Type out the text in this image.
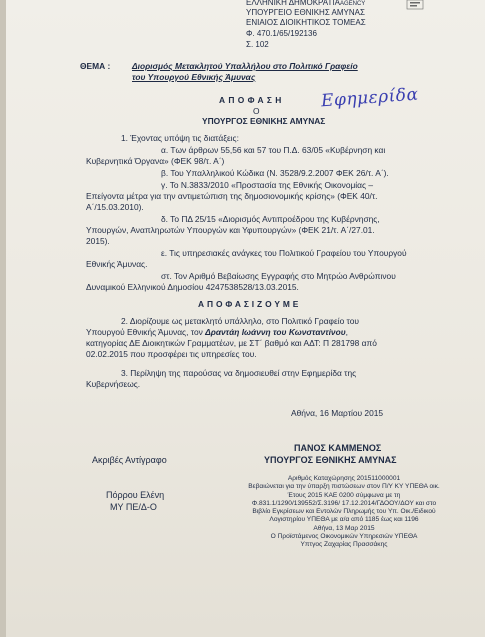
ΕΛΛΗΝΙΚΗ ΔΗΜΟΚΡΑΤΙΑAGENCY
ΥΠΟΥΡΓΕΙΟ ΕΘΝΙΚΗΣ ΑΜΥΝΑΣ
ΕΝΙΑΙΟΣ ΔΙΟΙΚΗΤΙΚΟΣ ΤΟΜΕΑΣ
Φ. 470.1/65/192136
Σ. 102
ΘΕΜΑ :	Διορισμός Μετακλητού Υπαλλήλου στο Πολιτικό Γραφείο
του Υπουργού Εθνικής Άμυνας
Α Π Ο Φ Α Σ Η
Ο
ΥΠΟΥΡΓΟΣ ΕΘΝΙΚΗΣ ΑΜΥΝΑΣ
Εφημερίδα
1. Έχοντας υπόψη τις διατάξεις:
α. Των άρθρων 55,56 και 57 του Π.Δ. 63/05 «Κυβέρνηση και
Κυβερνητικά Όργανα» (ΦΕΚ 98/τ. Α΄)
β. Του Υπαλληλικού Κώδικα (Ν. 3528/9.2.2007 ΦΕΚ 26/τ. Α΄).
γ. Το Ν.3833/2010 «Προστασία της Εθνικής Οικονομίας –
Επείγοντα μέτρα για την αντιμετώπιση της δημοσιονομικής κρίσης» (ΦΕΚ 40/τ.
Α΄/15.03.2010).
δ. Το ΠΔ 25/15 «Διορισμός Αντιπροέδρου της Κυβέρνησης,
Υπουργών, Αναπληρωτών Υπουργών και Υφυπουργών» (ΦΕΚ 21/τ. Α΄/27.01.
2015).
ε. Τις υπηρεσιακές ανάγκες του Πολιτικού Γραφείου του Υπουργού
Εθνικής Άμυνας.
στ. Τον Αριθμό Βεβαίωσης Εγγραφής στο Μητρώο Ανθρώπινου
Δυναμικού Ελληνικού Δημοσίου 4247538528/13.03.2015.
Α Π Ο Φ Α Σ Ι Ζ Ο Υ Μ Ε
2. Διορίζουμε ως μετακλητό υπάλληλο, στο Πολιτικό Γραφείο του
Υπουργού Εθνικής Άμυνας, τον Δραντάη Ιωάννη του Κωνσταντίνου,
κατηγορίας ΔΕ Διοικητικών Γραμματέων, με ΣΤ΄ βαθμό και ΑΔΤ: Π 281798 από
02.02.2015 που προσφέρει τις υπηρεσίες του.
3. Περίληψη της παρούσας να δημοσιευθεί στην Εφημερίδα της
Κυβερνήσεως.
Αθήνα, 16 Μαρτίου 2015
ΠΑΝΟΣ ΚΑΜΜΕΝΟΣ
ΥΠΟΥΡΓΟΣ ΕΘΝΙΚΗΣ ΑΜΥΝΑΣ
Ακριβές Αντίγραφο
Πόρρου Ελένη
ΜΥ ΠΕ/Δ-Ο
Αριθμός Καταχώρησης 201511000001
Βεβαιώνεται για την ύπαρξη πιστώσεων στον Π/Υ ΚΥ ΥΠΕΘΑ οικ.
Έτους 2015 ΚΑΕ 0200 σύμφωνα με τη
Φ.831.1/1290/139552/Σ.3196/ 17.12.2014/ΓΔΟΟΥ/ΔΟΥ και στο
Βιβλίο Εγκρίσεων και Εντολών Πληρωμής του Υπ. Οικ./Ειδικού
Λογιστηρίου ΥΠΕΘΑ με α/α από 1185 έως και 1196
Αθήνα, 13 Μαρ 2015
Ο Προϊστάμενος Οικονομικών Υπηρεσιών ΥΠΕΘΑ
Υπτγος Ζαχαρίας Πρασσάκης
